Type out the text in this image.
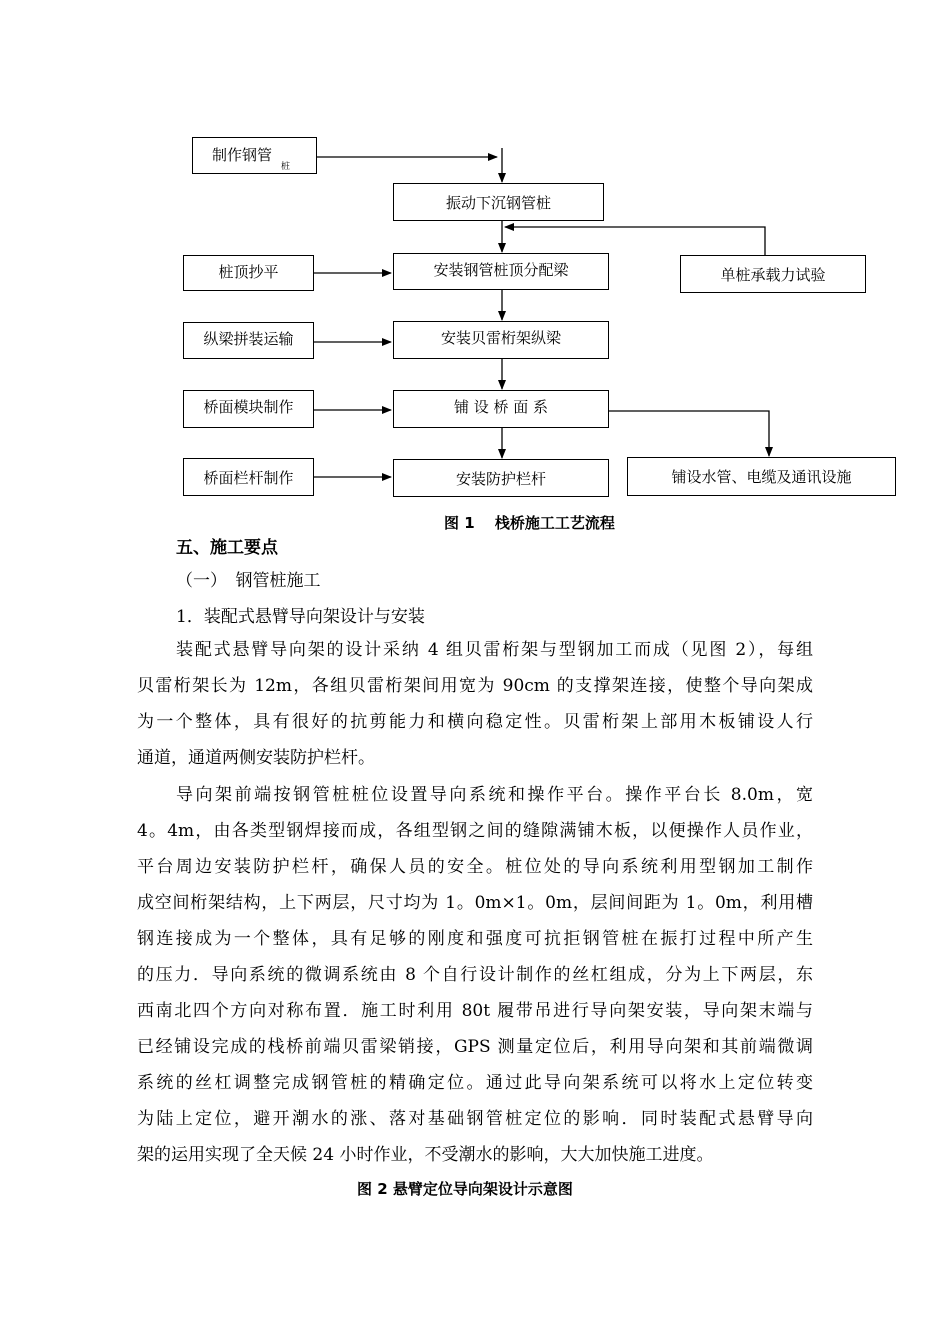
制作钢管
桩
振动下沉钢管桩
桩顶抄平	安装钢管桩顶分配梁	单桩承载力试验
纵梁拼装运输	安装贝雷桁架纵梁
桥面模块制作	铺 设 桥 面 系
桥面栏杆制作	安装防护栏杆	铺设水管、电缆及通讯设施
图 1　 栈桥施工工艺流程
五、施工要点
（一）　钢管桩施工
1．装配式悬臂导向架设计与安装
装配式悬臂导向架的设计采纳 4 组贝雷桁架与型钢加工而成（见图 2），每组
贝雷桁架长为 12m，各组贝雷桁架间用宽为 90cm 的支撑架连接，使整个导向架成
为一个整体，具有很好的抗剪能力和横向稳定性。贝雷桁架上部用木板铺设人行
通道，通道两侧安装防护栏杆。
导向架前端按钢管桩桩位设置导向系统和操作平台。操作平台长 8.0m，宽
4。4m，由各类型钢焊接而成，各组型钢之间的缝隙满铺木板，以便操作人员作业，
平台周边安装防护栏杆，确保人员的安全。桩位处的导向系统利用型钢加工制作
成空间桁架结构，上下两层，尺寸均为 1。0m×1。0m，层间间距为 1。0m，利用槽
钢连接成为一个整体，具有足够的刚度和强度可抗拒钢管桩在振打过程中所产生
的压力．导向系统的微调系统由 8 个自行设计制作的丝杠组成，分为上下两层，东
西南北四个方向对称布置．施工时利用 80t 履带吊进行导向架安装，导向架末端与
已经铺设完成的栈桥前端贝雷梁销接，GPS 测量定位后，利用导向架和其前端微调
系统的丝杠调整完成钢管桩的精确定位。通过此导向架系统可以将水上定位转变
为陆上定位，避开潮水的涨、落对基础钢管桩定位的影响．同时装配式悬臂导向
架的运用实现了全天候 24 小时作业，不受潮水的影响，大大加快施工进度。
图 2 悬臂定位导向架设计示意图
